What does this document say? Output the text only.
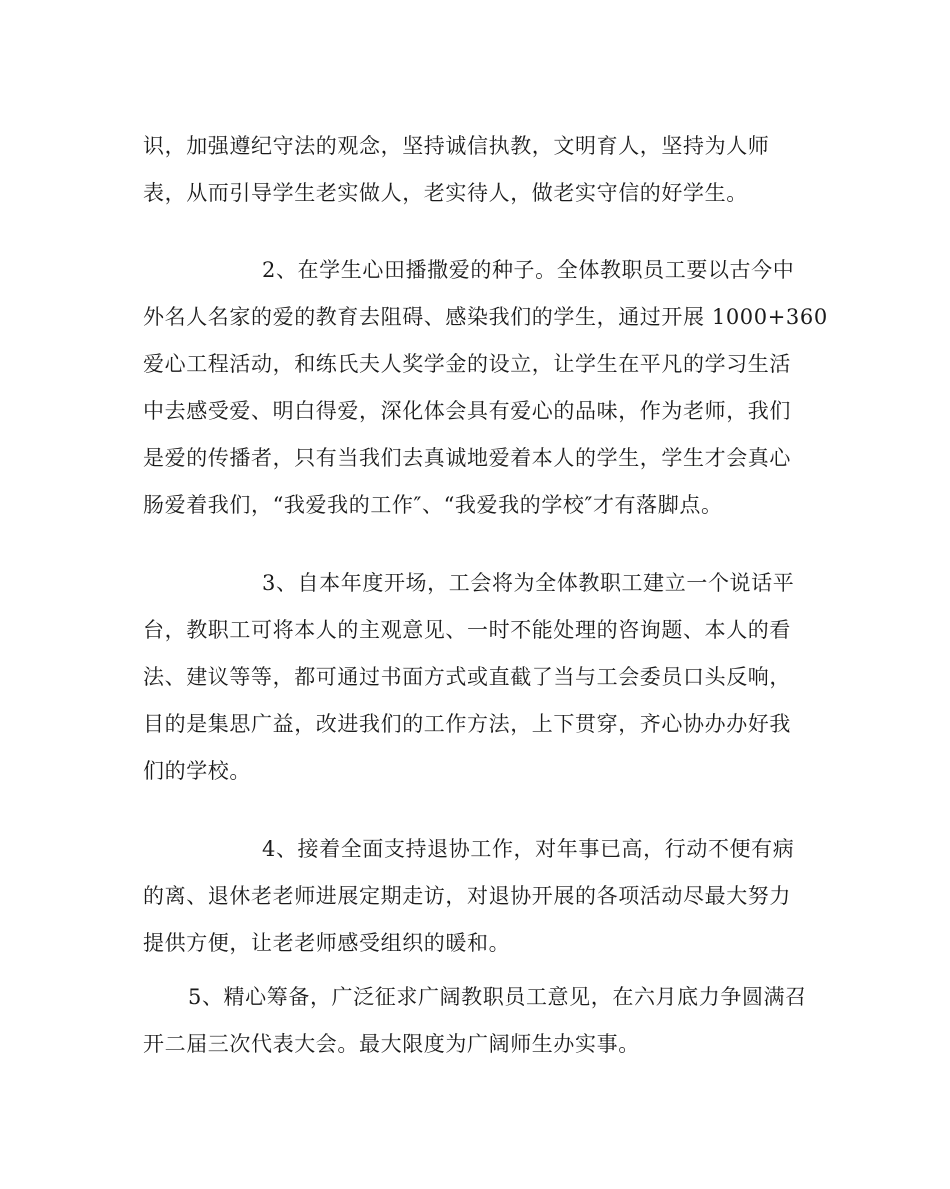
识，加强遵纪守法的观念，坚持诚信执教，文明育人，坚持为人师

表，从而引导学生老实做人，老实待人，做老实守信的好学生。

2、在学生心田播撒爱的种子。全体教职员工要以古今中

外名人名家的爱的教育去阻碍、感染我们的学生，通过开展 1000+360

爱心工程活动，和练氏夫人奖学金的设立，让学生在平凡的学习生活

中去感受爱、明白得爱，深化体会具有爱心的品味，作为老师，我们

是爱的传播者，只有当我们去真诚地爱着本人的学生，学生才会真心

肠爱着我们，“我爱我的工作″、“我爱我的学校″才有落脚点。

3、自本年度开场，工会将为全体教职工建立一个说话平

台，教职工可将本人的主观意见、一时不能处理的咨询题、本人的看

法、建议等等，都可通过书面方式或直截了当与工会委员口头反响，

目的是集思广益，改进我们的工作方法，上下贯穿，齐心协办办好我

们的学校。

4、接着全面支持退协工作，对年事已高，行动不便有病

的离、退休老老师进展定期走访，对退协开展的各项活动尽最大努力

提供方便，让老老师感受组织的暖和。

5、精心筹备，广泛征求广阔教职员工意见，在六月底力争圆满召

开二届三次代表大会。最大限度为广阔师生办实事。
